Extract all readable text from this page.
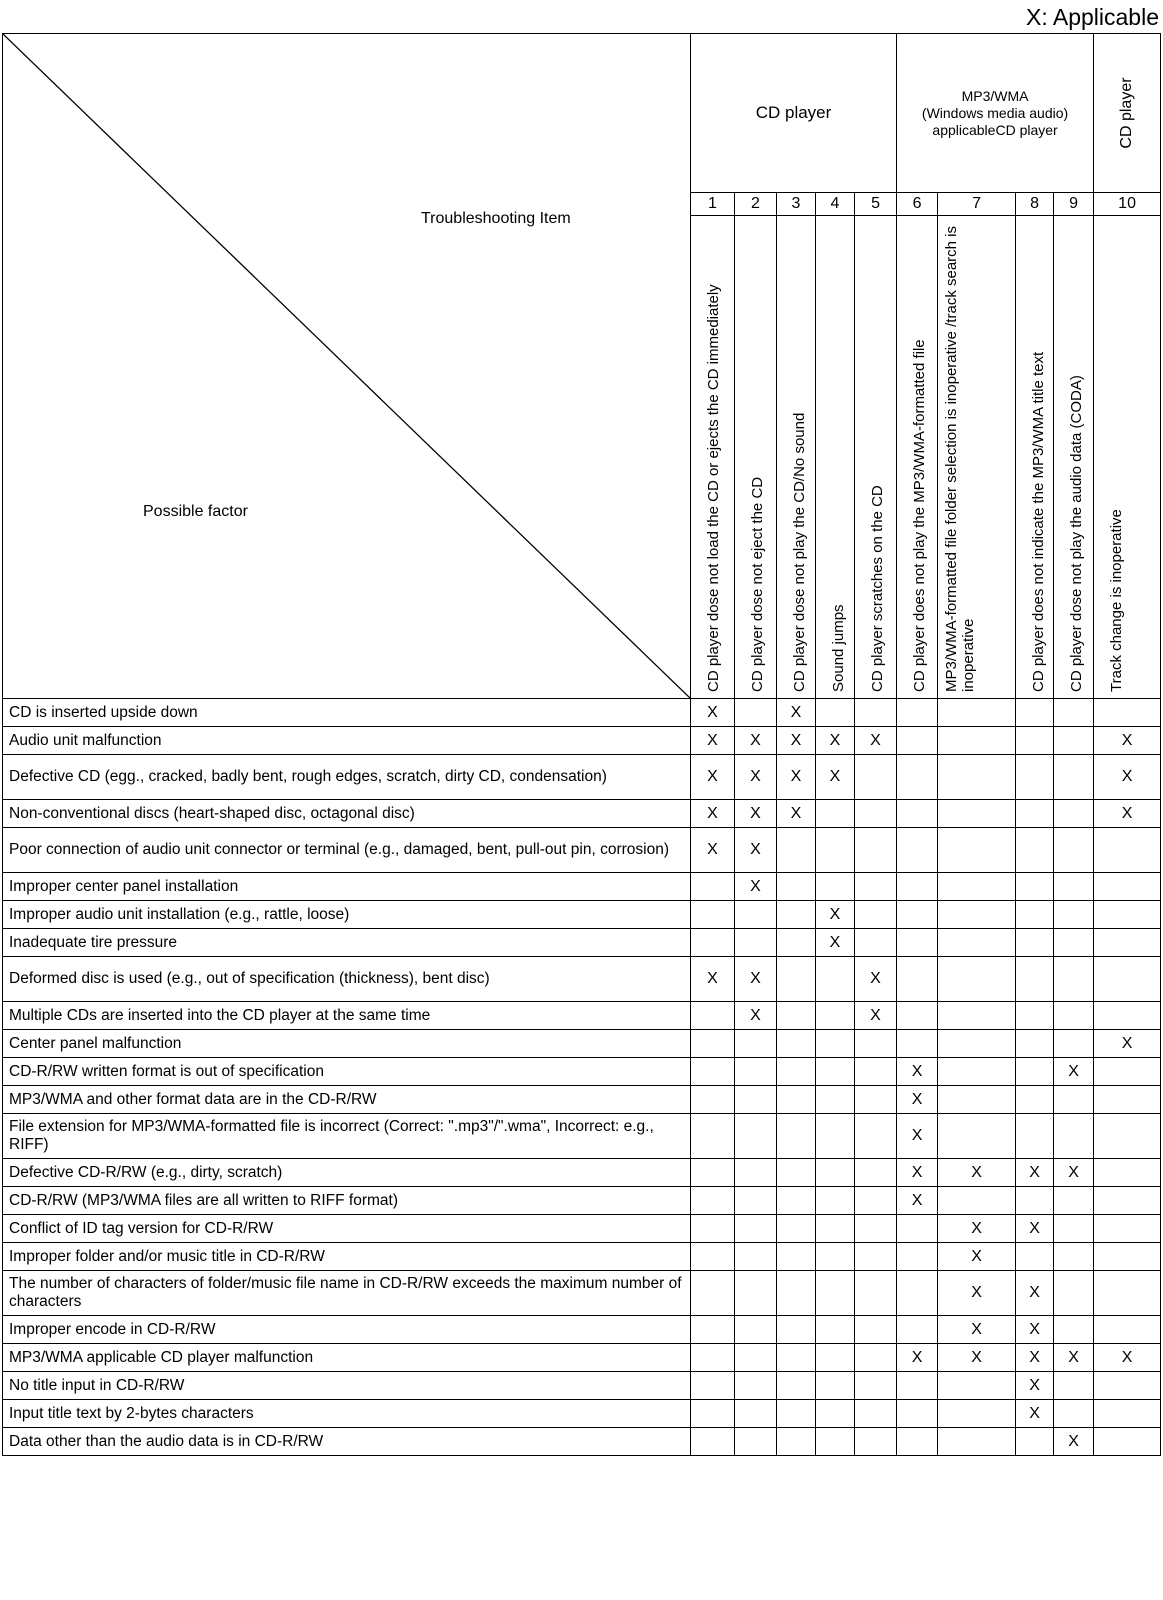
X: Applicable
Troubleshooting Item
Possible factor	CD player					MP3/WMA
(Windows media audio)
applicableCD player				CD player

	1	2	3	4	5	6	7	8	9	10

CD player dose not load the CD or ejects the CD immediately	CD player dose not eject the CD	CD player dose not play the CD/No sound	Sound jumps	CD player scratches on the CD	CD player does not play the MP3/WMA-formatted file	MP3/WMA-formatted file folder selection is inoperative /track search is inoperative	CD player does not indicate the MP3/WMA title text	CD player dose not play the audio data (CODA)	Track change is inoperative

CD is inserted upside down	X		X							
Audio unit malfunction	X	X	X	X	X					X
Defective CD (egg., cracked, badly bent, rough edges, scratch, dirty CD, condensation)	X	X	X	X						X
Non-conventional discs (heart-shaped disc, octagonal disc)	X	X	X							X
Poor connection of audio unit connector or terminal (e.g., damaged, bent, pull-out pin, corrosion)	X	X								
Improper center panel installation		X								
Improper audio unit installation (e.g., rattle, loose)				X						
Inadequate tire pressure				X						
Deformed disc is used (e.g., out of specification (thickness), bent disc)	X	X			X					
Multiple CDs are inserted into the CD player at the same time		X			X					
Center panel malfunction										X
CD-R/RW written format is out of specification						X			X	
MP3/WMA and other format data are in the CD-R/RW						X				
File extension for MP3/WMA-formatted file is incorrect (Correct: ".mp3"/".wma", Incorrect: e.g., RIFF)						X				
Defective CD-R/RW (e.g., dirty, scratch)						X	X	X	X	
CD-R/RW (MP3/WMA files are all written to RIFF format)						X				
Conflict of ID tag version for CD-R/RW							X	X		
Improper folder and/or music title in CD-R/RW							X			
The number of characters of folder/music file name in CD-R/RW exceeds the maximum number of characters							X	X		
Improper encode in CD-R/RW							X	X		
MP3/WMA applicable CD player malfunction						X	X	X	X	X
No title input in CD-R/RW								X		
Input title text by 2-bytes characters								X		
Data other than the audio data is in CD-R/RW									X	
